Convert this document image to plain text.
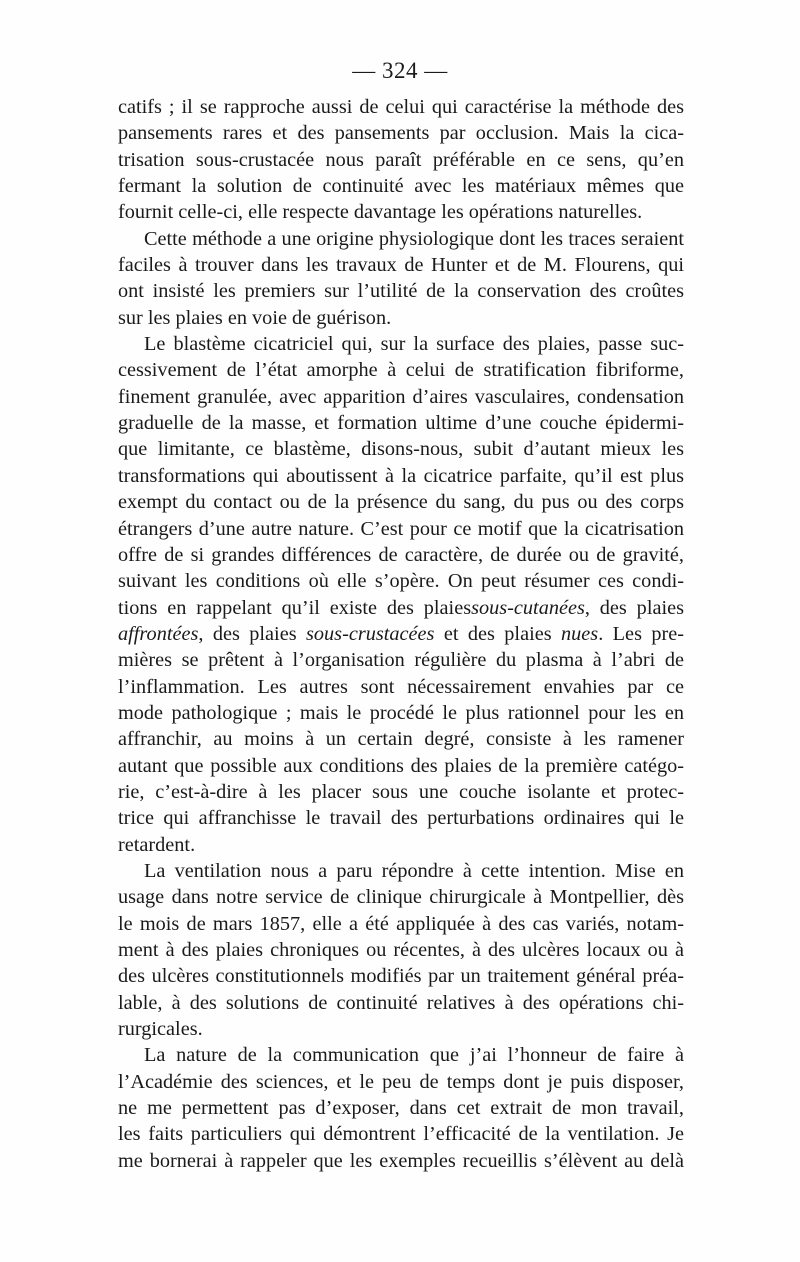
— 324 —
catifs ; il se rapproche aussi de celui qui caractérise la méthode des
pansements rares et des pansements par occlusion. Mais la cica-
trisation sous-crustacée nous paraît préférable en ce sens, qu’en
fermant la solution de continuité avec les matériaux mêmes que
fournit celle-ci, elle respecte davantage les opérations naturelles.
Cette méthode a une origine physiologique dont les traces seraient
faciles à trouver dans les travaux de Hunter et de M. Flourens, qui
ont insisté les premiers sur l’utilité de la conservation des croûtes
sur les plaies en voie de guérison.
Le blastème cicatriciel qui, sur la surface des plaies, passe suc-
cessivement de l’état amorphe à celui de stratification fibriforme,
finement granulée, avec apparition d’aires vasculaires, condensation
graduelle de la masse, et formation ultime d’une couche épidermi-
que limitante, ce blastème, disons-nous, subit d’autant mieux les
transformations qui aboutissent à la cicatrice parfaite, qu’il est plus
exempt du contact ou de la présence du sang, du pus ou des corps
étrangers d’une autre nature. C’est pour ce motif que la cicatrisation
offre de si grandes différences de caractère, de durée ou de gravité,
suivant les conditions où elle s’opère. On peut résumer ces condi-
tions en rappelant qu’il existe des plaiessous-cutanées, des plaies
affrontées, des plaies sous-crustacées et des plaies nues. Les pre-
mières se prêtent à l’organisation régulière du plasma à l’abri de
l’inflammation. Les autres sont nécessairement envahies par ce
mode pathologique ; mais le procédé le plus rationnel pour les en
affranchir, au moins à un certain degré, consiste à les ramener
autant que possible aux conditions des plaies de la première catégo-
rie, c’est-à-dire à les placer sous une couche isolante et protec-
trice qui affranchisse le travail des perturbations ordinaires qui le
retardent.
La ventilation nous a paru répondre à cette intention. Mise en
usage dans notre service de clinique chirurgicale à Montpellier, dès
le mois de mars 1857, elle a été appliquée à des cas variés, notam-
ment à des plaies chroniques ou récentes, à des ulcères locaux ou à
des ulcères constitutionnels modifiés par un traitement général préa-
lable, à des solutions de continuité relatives à des opérations chi-
rurgicales.
La nature de la communication que j’ai l’honneur de faire à
l’Académie des sciences, et le peu de temps dont je puis disposer,
ne me permettent pas d’exposer, dans cet extrait de mon travail,
les faits particuliers qui démontrent l’efficacité de la ventilation. Je
me bornerai à rappeler que les exemples recueillis s’élèvent au delà
